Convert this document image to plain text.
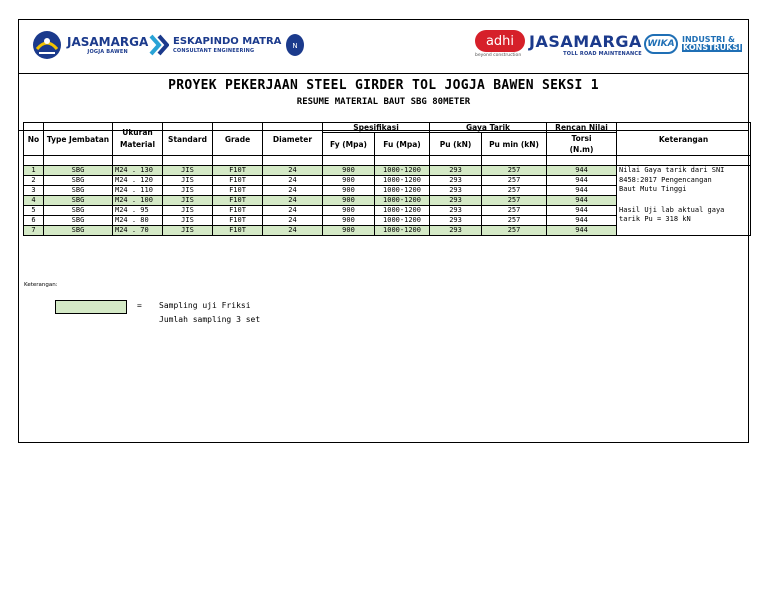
JASAMARGA
JOGJA BAWEN
ESKAPINDO MATRA
CONSULTANT ENGINEERING
N	adhi
beyond construction
JASAMARGA
TOLL ROAD MAINTENANCE
WIKA INDUSTRI &
KONSTRUKSI
PROYEK PEKERJAAN STEEL GIRDER TOL JOGJA BAWEN SEKSI 1
RESUME MATERIAL BAUT SBG 80METER
No	Type Jembatan	Ukuran Material	Standard	Grade	Diameter	Spesifikasi		Gaya Tarik		Rencan Nilai	Keterangan
						Fy (Mpa)	Fu (Mpa)	Pu (kN)	Pu min (kN)	Torsi	
										(N.m)	

1	SBG	M24 . 130	JIS	F10T	24	900	1000-1200	293	257	944	Nilai Gaya tarik dari SNI
8458:2017 Pengencangan
Baut Mutu Tinggi

2	SBG	M24 . 120	JIS	F10T	24	900	1000-1200	293	257	944	
3	SBG	M24 . 110	JIS	F10T	24	900	1000-1200	293	257	944	
4	SBG	M24 . 100	JIS	F10T	24	900	1000-1200	293	257	944	
5	SBG	M24 . 95	JIS	F10T	24	900	1000-1200	293	257	944	Hasil Uji lab aktual gaya
tarik Pu = 318 kN

6	SBG	M24 . 80	JIS	F10T	24	900	1000-1200	293	257	944	
7	SBG	M24 . 70	JIS	F10T	24	900	1000-1200	293	257	944	
Keterangan:
= Sampling uji Friksi
Jumlah sampling 3 set
